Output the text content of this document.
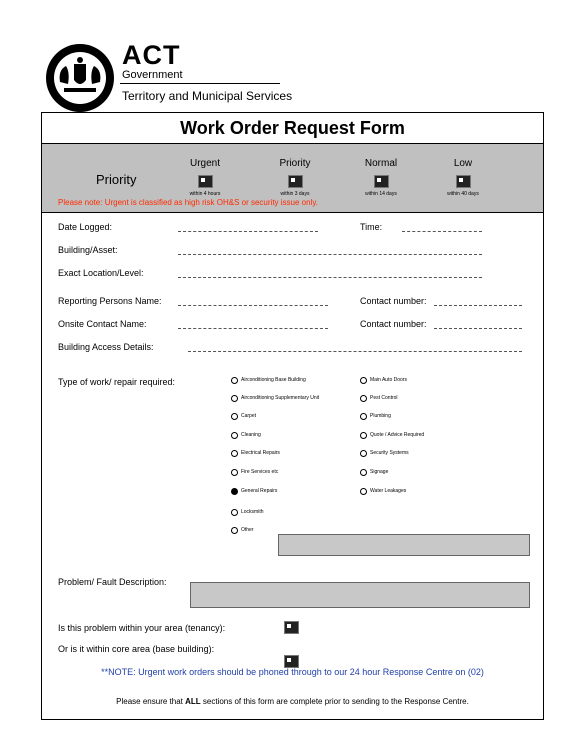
ACT
Government
Territory and Municipal Services
Work Order Request Form
Priority
Urgent
within 4 hours
Priority
within 3 days
Normal
within 14 days
Low
within 40 days
Please note: Urgent is classified as high risk OH&S or security issue only.
Date Logged:	Time:
Building/Asset:
Exact Location/Level:
Reporting Persons Name:	Contact number:
Onsite Contact Name:	Contact number:
Building Access Details:
Type of work/ repair required:	Airconditioning Base Building
Airconditioning Supplementary Unit
Carpet
Cleaning
Electrical Repairs
Fire Services etc
General Repairs
Locksmith
Other
Main Auto Doors
Pest Control
Plumbing
Quote / Advice Required
Security Systems
Signage
Water Leakages
Problem/ Fault Description:
Is this problem within your area (tenancy):
Or is it within core area (base building):
**NOTE: Urgent work orders should be phoned through to our 24 hour Response Centre on (02)
Please ensure that ALL sections of this form are complete prior to sending to the Response Centre.
